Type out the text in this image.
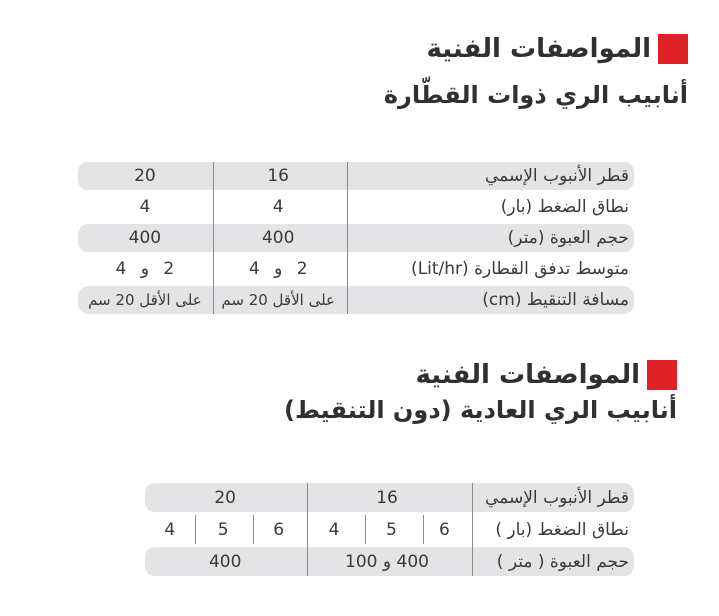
المواصفات الفنية
أنابيب الري ذوات القطّارة
قطر الأنبوب الإسمي
16
20
نطاق الضغط (بار)
4
4
حجم العبوة (متر)
400
400
متوسط تدفق القطارة (Lit/hr)
2 و 4
2 و 4
مسافة التنقيط (cm)
على الأقل 20 سم
على الأقل 20 سم
المواصفات الفنية
أنابيب الري العادية (دون التنقيط)
قطر الأنبوب الإسمي
16
20
نطاق الضغط (بار )
6
5
4
6
5
4
حجم العبوة ( متر )
400 و 100
400
